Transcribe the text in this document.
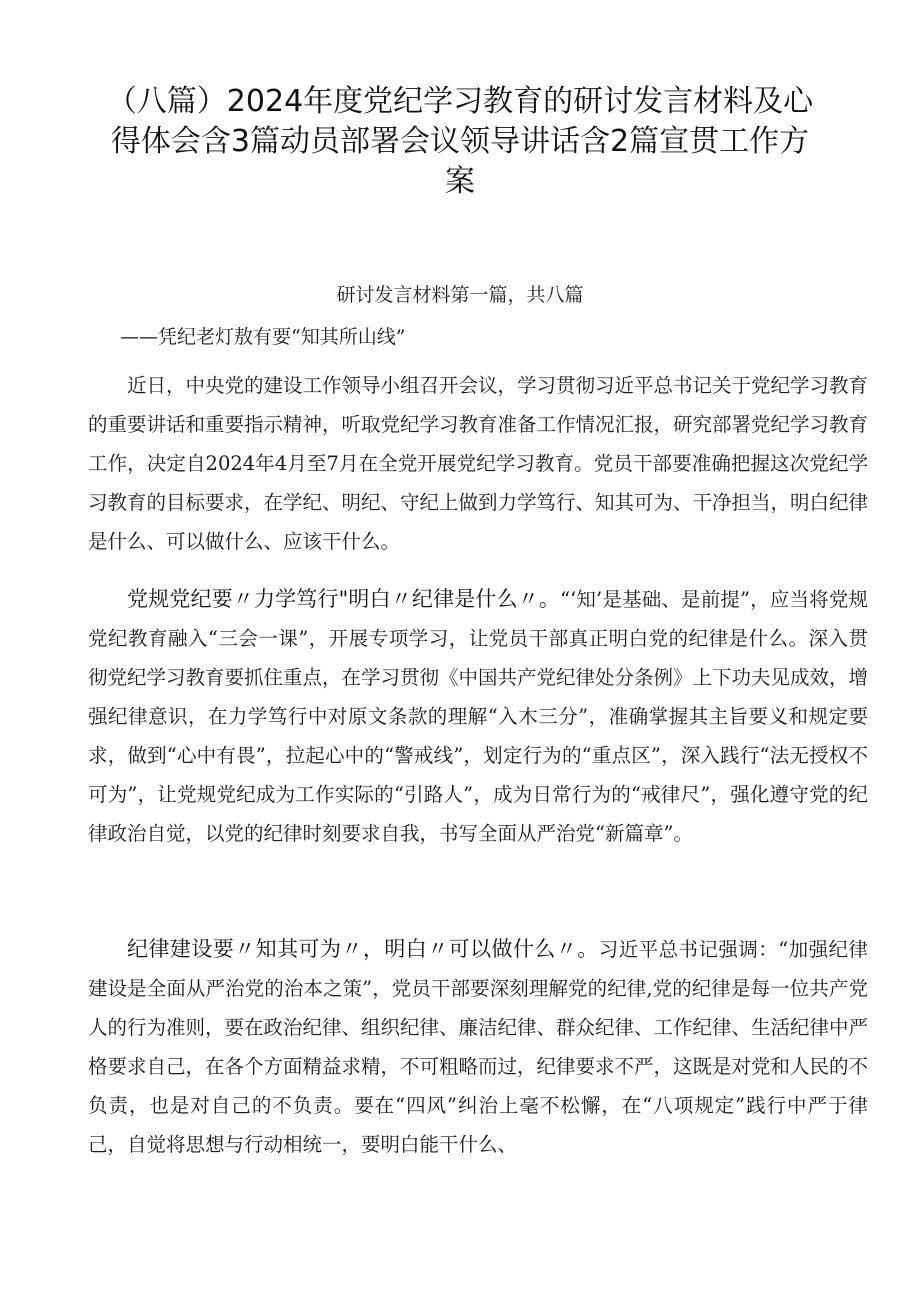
（八篇）2024年度党纪学习教育的研讨发言材料及心
得体会含3篇动员部署会议领导讲话含2篇宣贯工作方
案

研讨发言材料第一篇，共八篇

——凭纪老灯敖有要“知其所山线”

近日，中央党的建设工作领导小组召开会议，学习贯彻习近平总书记关于党纪学习教育的重要讲话和重要指示精神，听取党纪学习教育准备工作情况汇报，研究部署党纪学习教育工作，决定自2024年4月至7月在全党开展党纪学习教育。党员干部要准确把握这次党纪学习教育的目标要求，在学纪、明纪、守纪上做到力学笃行、知其可为、干净担当，明白纪律是什么、可以做什么、应该干什么。

党规党纪要〃力学笃行"明白〃纪律是什么〃。“‘知’是基础、是前提”，应当将党规党纪教育融入“三会一课”，开展专项学习，让党员干部真正明白党的纪律是什么。深入贯彻党纪学习教育要抓住重点，在学习贯彻《中国共产党纪律处分条例》上下功夫见成效，增强纪律意识，在力学笃行中对原文条款的理解“入木三分”，准确掌握其主旨要义和规定要求，做到“心中有畏”，拉起心中的“警戒线”，划定行为的“重点区”，深入践行“法无授权不可为”，让党规党纪成为工作实际的“引路人”，成为日常行为的“戒律尺”，强化遵守党的纪律政治自觉，以党的纪律时刻要求自我，书写全面从严治党“新篇章”。

纪律建设要〃知其可为〃，明白〃可以做什么〃。习近平总书记强调：“加强纪律建设是全面从严治党的治本之策”，党员干部要深刻理解党的纪律,党的纪律是每一位共产党人的行为准则，要在政治纪律、组织纪律、廉洁纪律、群众纪律、工作纪律、生活纪律中严格要求自己，在各个方面精益求精，不可粗略而过，纪律要求不严，这既是对党和人民的不负责，也是对自己的不负责。要在“四风”纠治上毫不松懈，在“八项规定”践行中严于律己，自觉将思想与行动相统一，要明白能干什么、
